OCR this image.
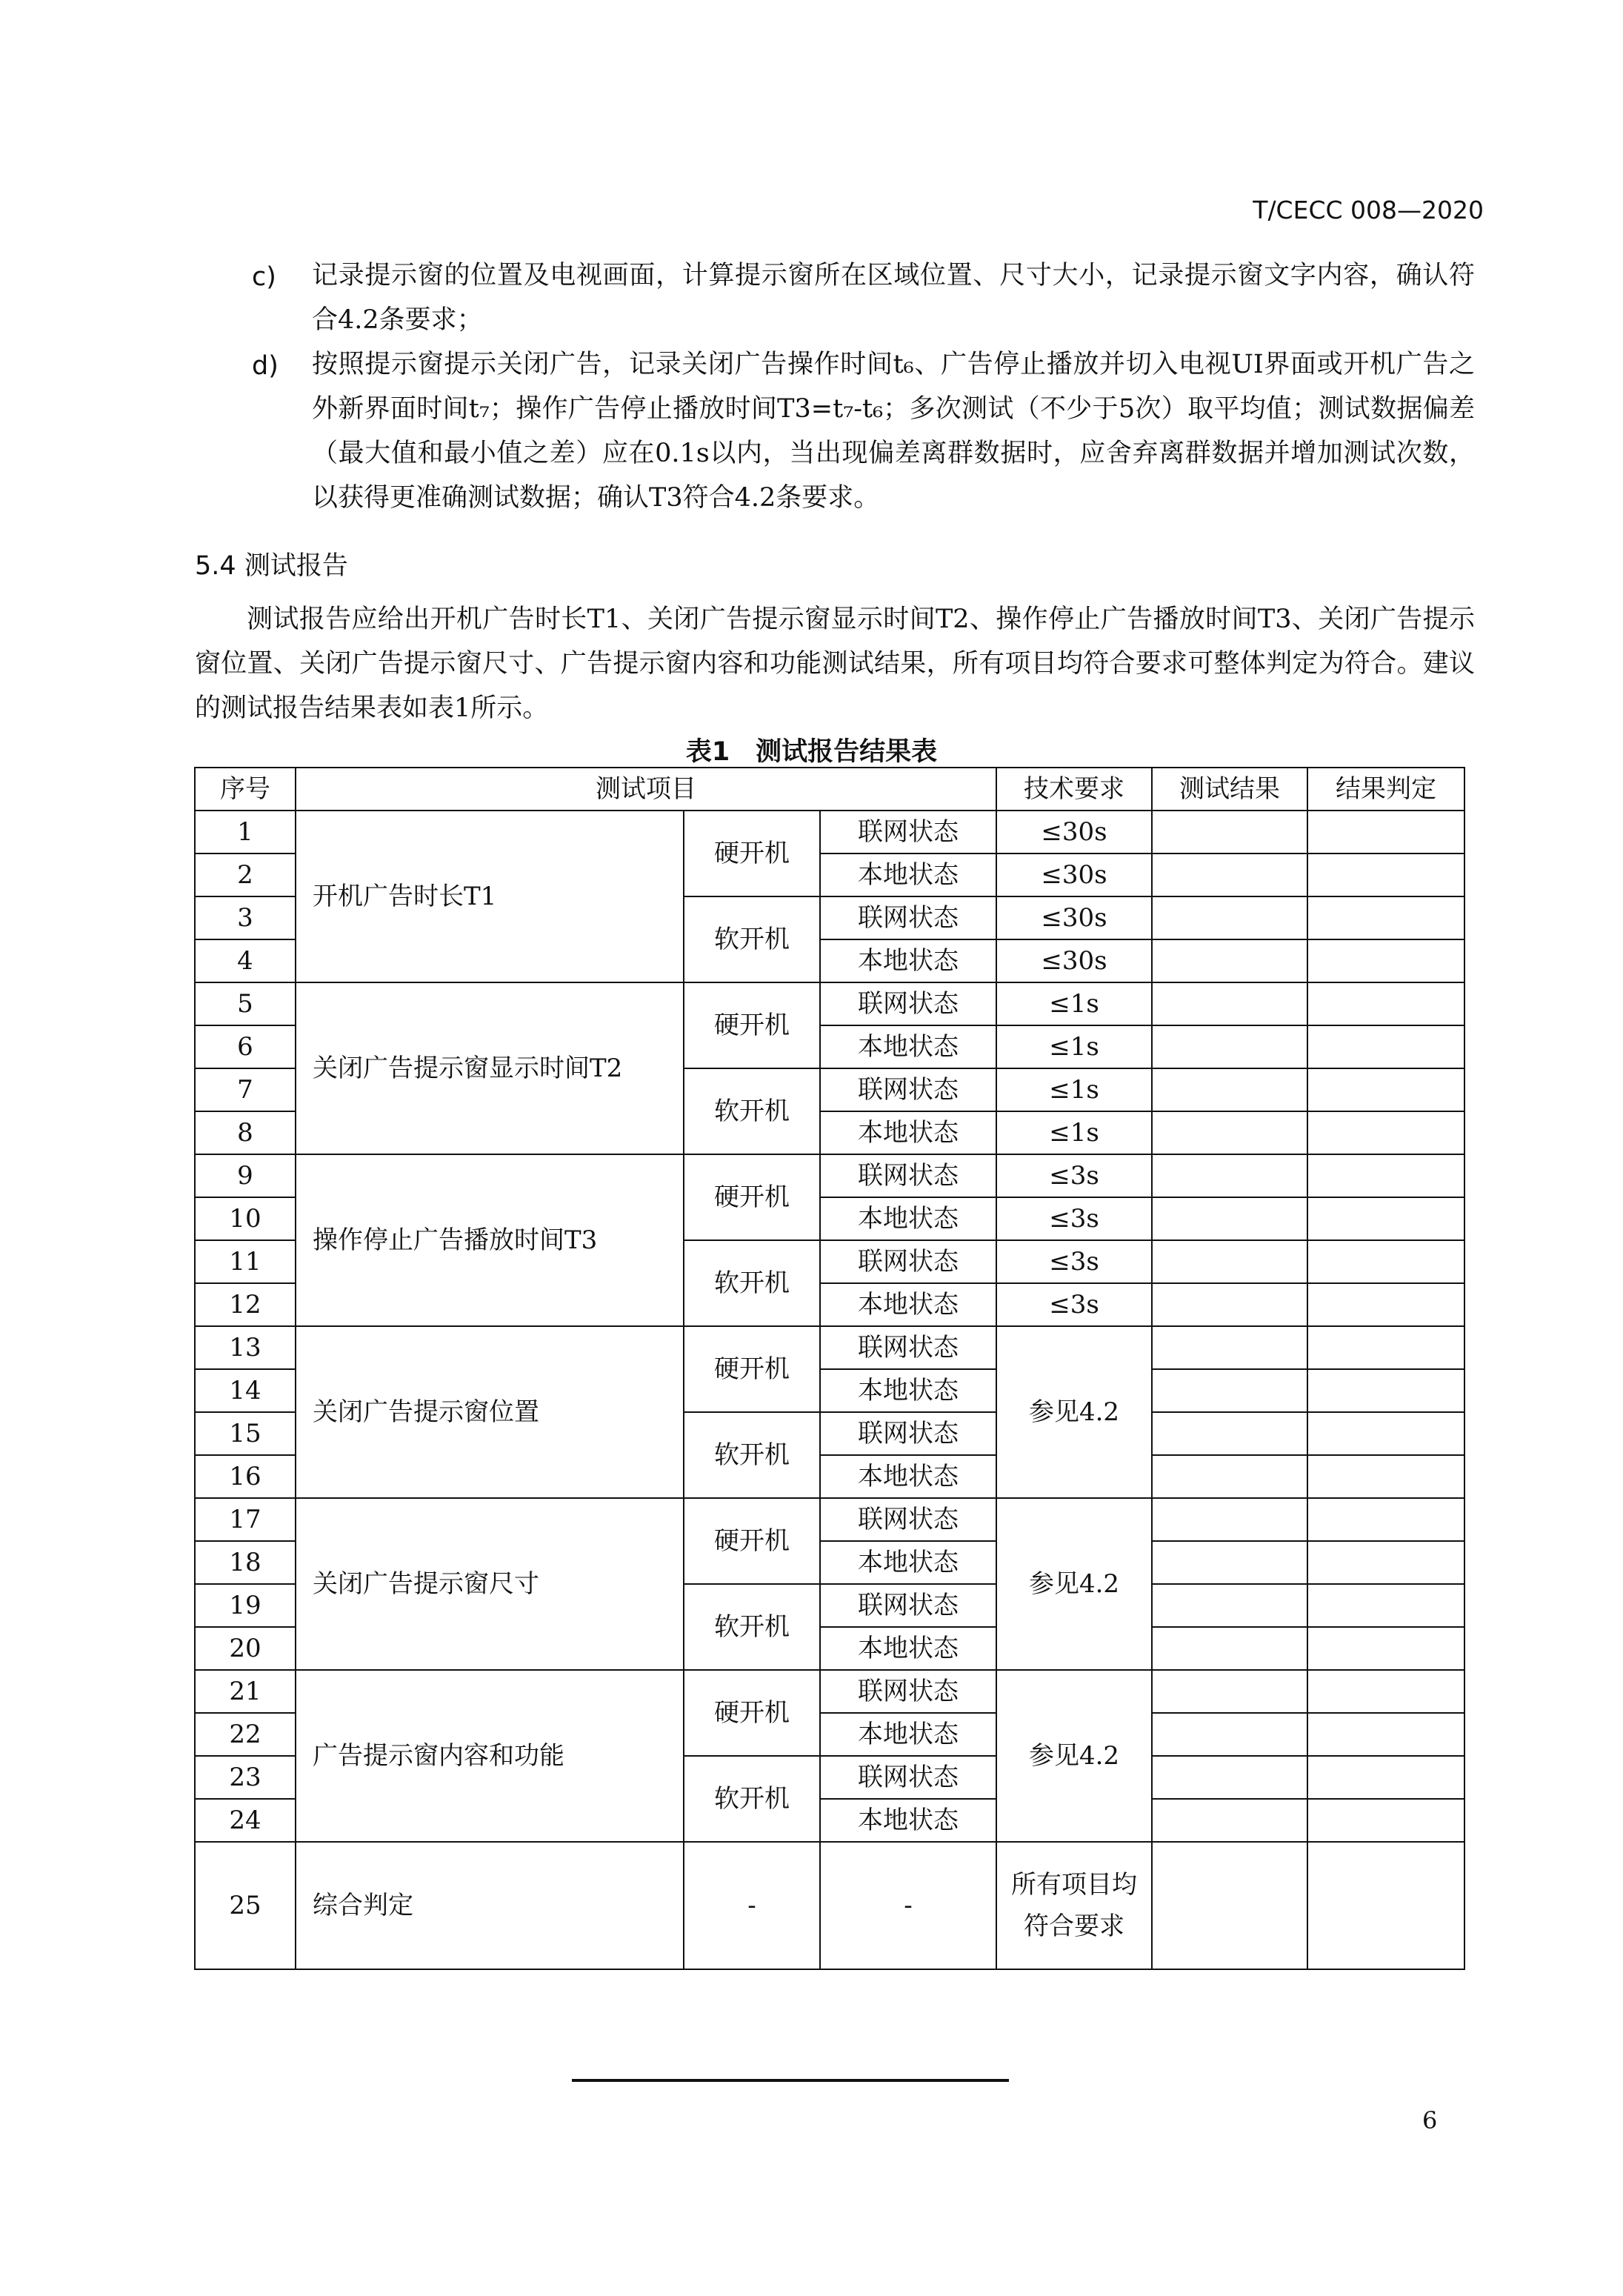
T/CECC 008—2020
c)	记录提示窗的位置及电视画面，计算提示窗所在区域位置、尺寸大小，记录提示窗文字内容，确认符合4.2条要求；
d)	按照提示窗提示关闭广告，记录关闭广告操作时间t₆、广告停止播放并切入电视UI界面或开机广告之外新界面时间t₇；操作广告停止播放时间T3=t₇-t₆；多次测试（不少于5次）取平均值；测试数据偏差（最大值和最小值之差）应在0.1s以内，当出现偏差离群数据时，应舍弃离群数据并增加测试次数，以获得更准确测试数据；确认T3符合4.2条要求。
5.4 测试报告
测试报告应给出开机广告时长T1、关闭广告提示窗显示时间T2、操作停止广告播放时间T3、关闭广告提示窗位置、关闭广告提示窗尺寸、广告提示窗内容和功能测试结果，所有项目均符合要求可整体判定为符合。建议的测试报告结果表如表1所示。
表1　测试报告结果表
序号	测试项目			技术要求	测试结果	结果判定
1	开机广告时长T1	硬开机	联网状态	≤30s		
2			本地状态	≤30s		
3		软开机	联网状态	≤30s		
4			本地状态	≤30s		
5	关闭广告提示窗显示时间T2	硬开机	联网状态	≤1s		
6			本地状态	≤1s		
7		软开机	联网状态	≤1s		
8			本地状态	≤1s		
9	操作停止广告播放时间T3	硬开机	联网状态	≤3s		
10			本地状态	≤3s		
11		软开机	联网状态	≤3s		
12			本地状态	≤3s		
13	关闭广告提示窗位置	硬开机	联网状态	参见4.2		
14			本地状态			
15		软开机	联网状态			
16			本地状态			
17	关闭广告提示窗尺寸	硬开机	联网状态	参见4.2		
18			本地状态			
19		软开机	联网状态			
20			本地状态			
21	广告提示窗内容和功能	硬开机	联网状态	参见4.2		
22			本地状态			
23		软开机	联网状态			
24			本地状态			
25	综合判定	-	-	所有项目均符合要求		
6
